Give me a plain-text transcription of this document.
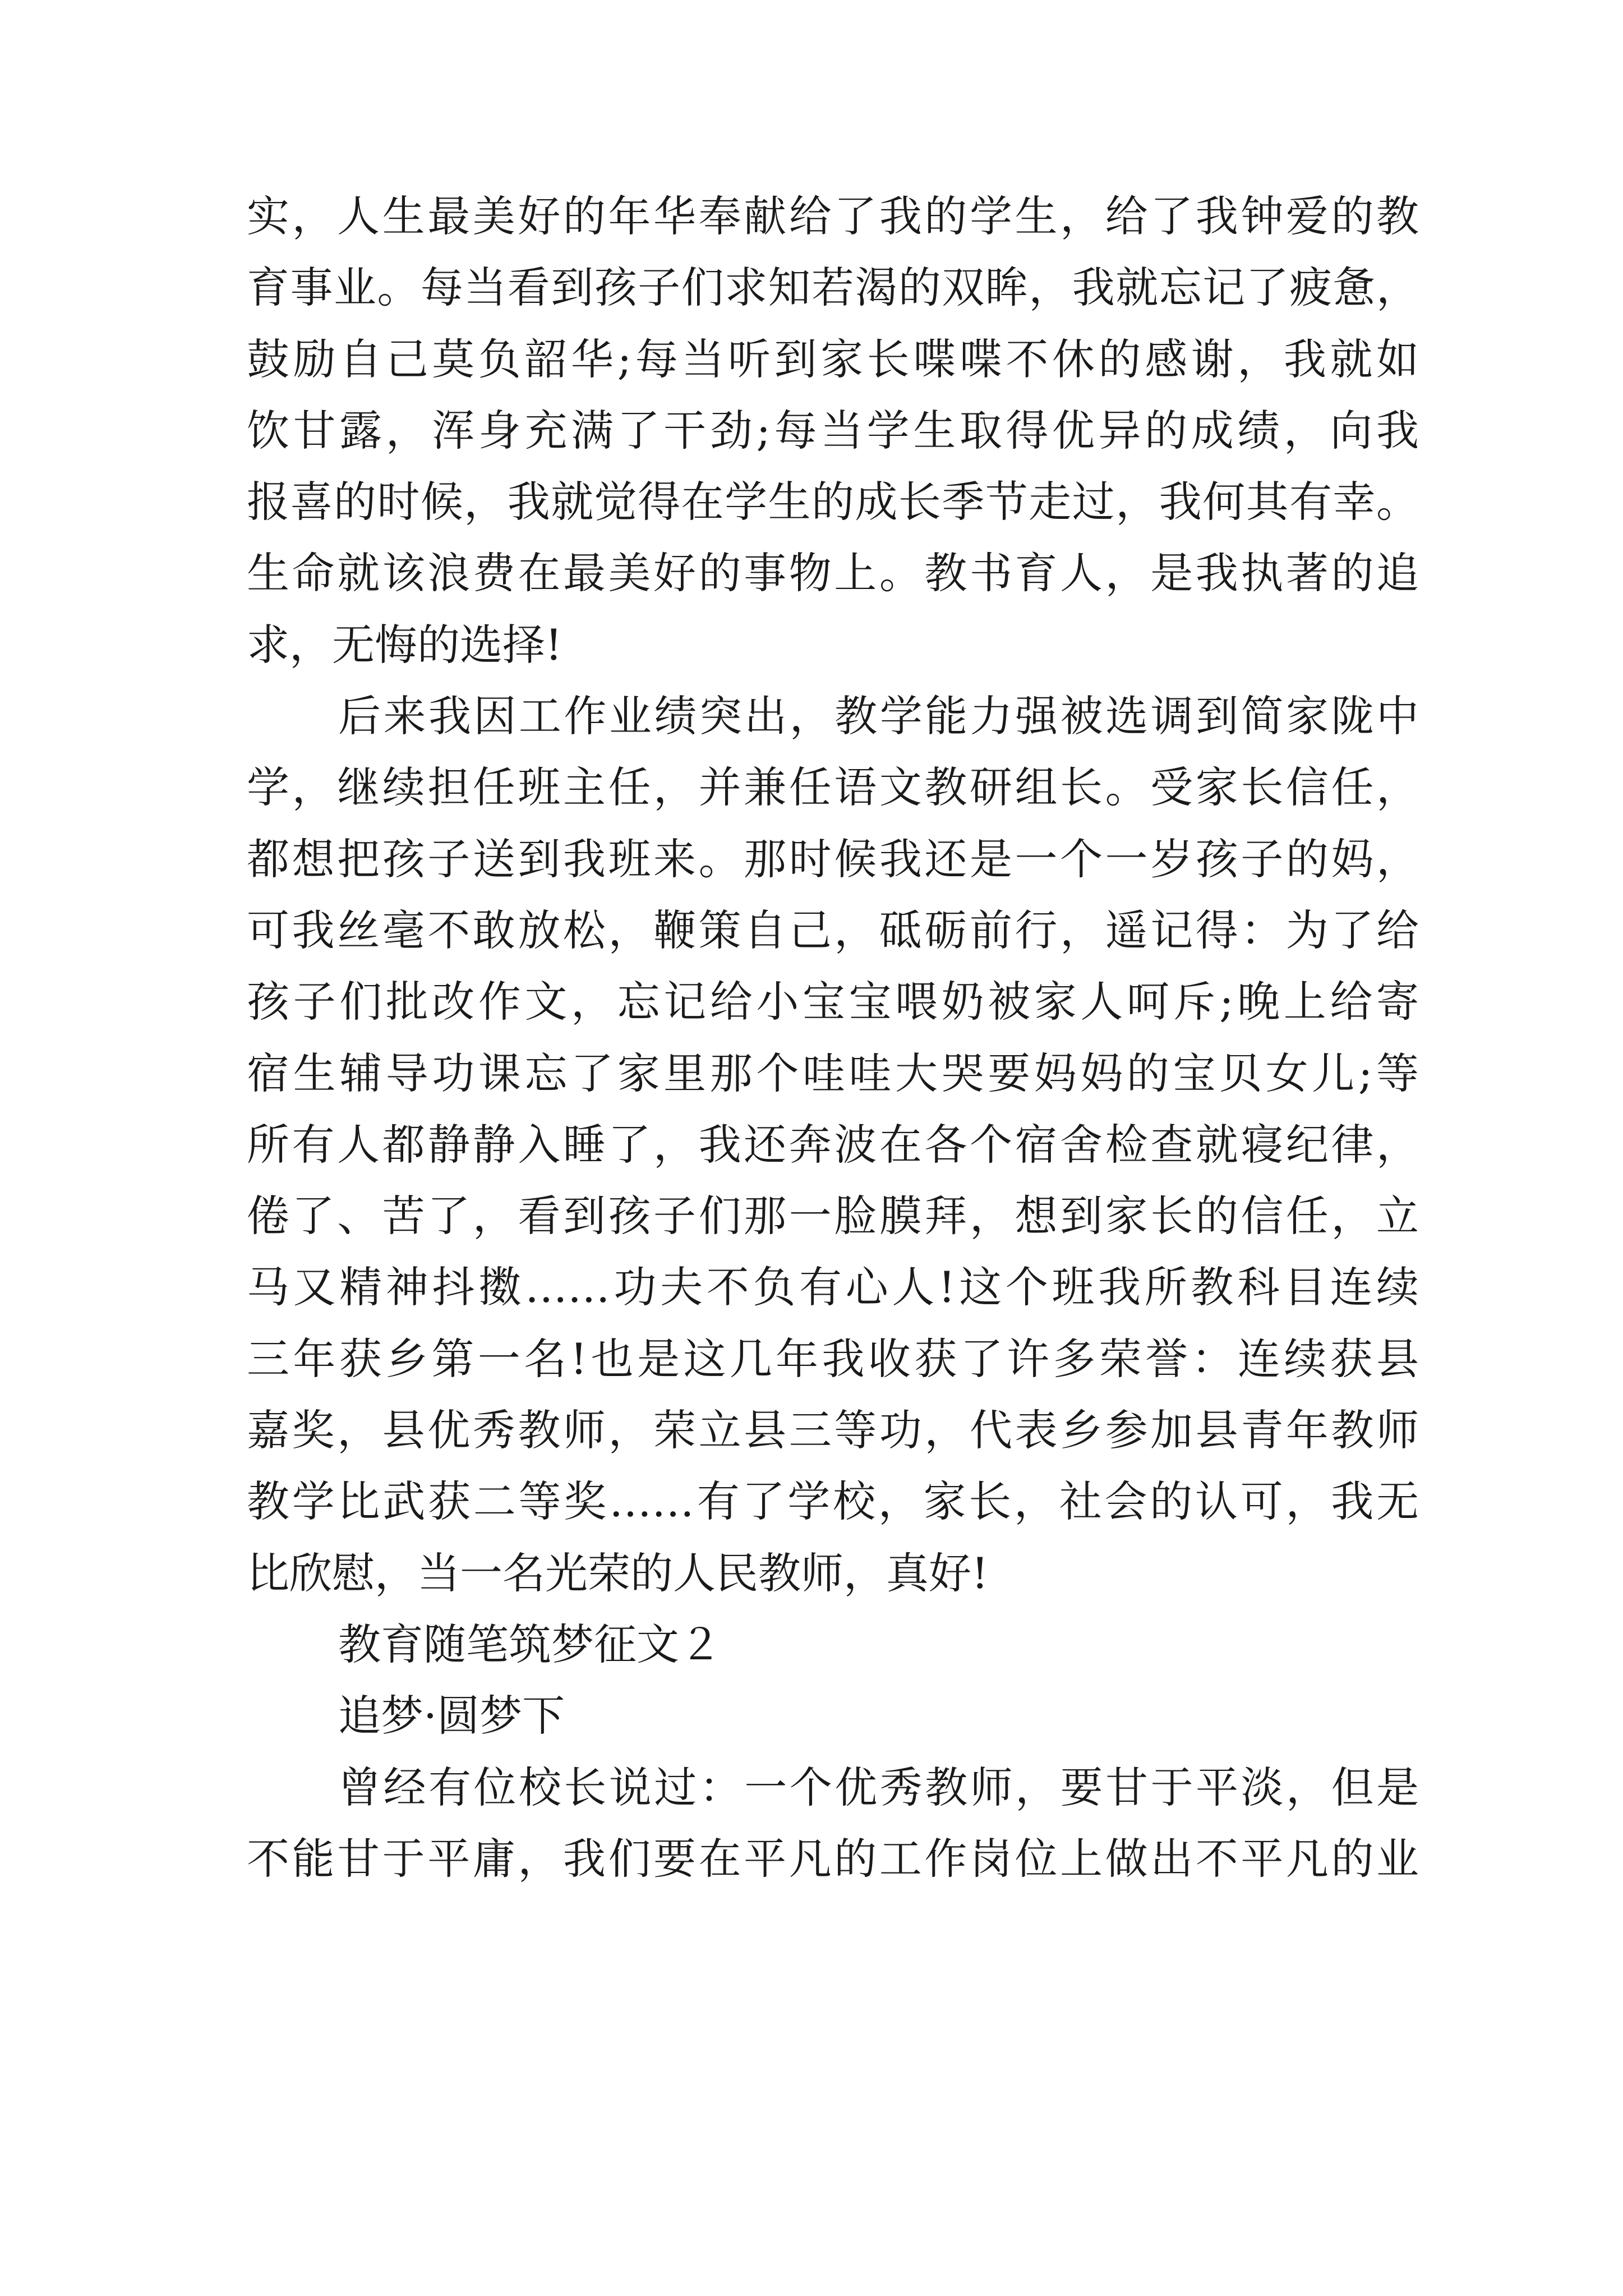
实，人生最美好的年华奉献给了我的学生，给了我钟爱的教
育事业。每当看到孩子们求知若渴的双眸，我就忘记了疲惫，
鼓励自己莫负韶华;每当听到家长喋喋不休的感谢，我就如
饮甘露，浑身充满了干劲;每当学生取得优异的成绩，向我
报喜的时候，我就觉得在学生的成长季节走过，我何其有幸。
生命就该浪费在最美好的事物上。教书育人，是我执著的追
求，无悔的选择!
后来我因工作业绩突出，教学能力强被选调到简家陇中
学，继续担任班主任，并兼任语文教研组长。受家长信任，
都想把孩子送到我班来。那时候我还是一个一岁孩子的妈，
可我丝毫不敢放松，鞭策自己，砥砺前行，遥记得：为了给
孩子们批改作文，忘记给小宝宝喂奶被家人呵斥;晚上给寄
宿生辅导功课忘了家里那个哇哇大哭要妈妈的宝贝女儿;等
所有人都静静入睡了，我还奔波在各个宿舍检查就寝纪律，
倦了、苦了，看到孩子们那一脸膜拜，想到家长的信任，立
马又精神抖擞……功夫不负有心人!这个班我所教科目连续
三年获乡第一名!也是这几年我收获了许多荣誉：连续获县
嘉奖，县优秀教师，荣立县三等功，代表乡参加县青年教师
教学比武获二等奖……有了学校，家长，社会的认可，我无
比欣慰，当一名光荣的人民教师，真好!
教育随笔筑梦征文２
追梦·圆梦下
曾经有位校长说过：一个优秀教师，要甘于平淡，但是
不能甘于平庸，我们要在平凡的工作岗位上做出不平凡的业
